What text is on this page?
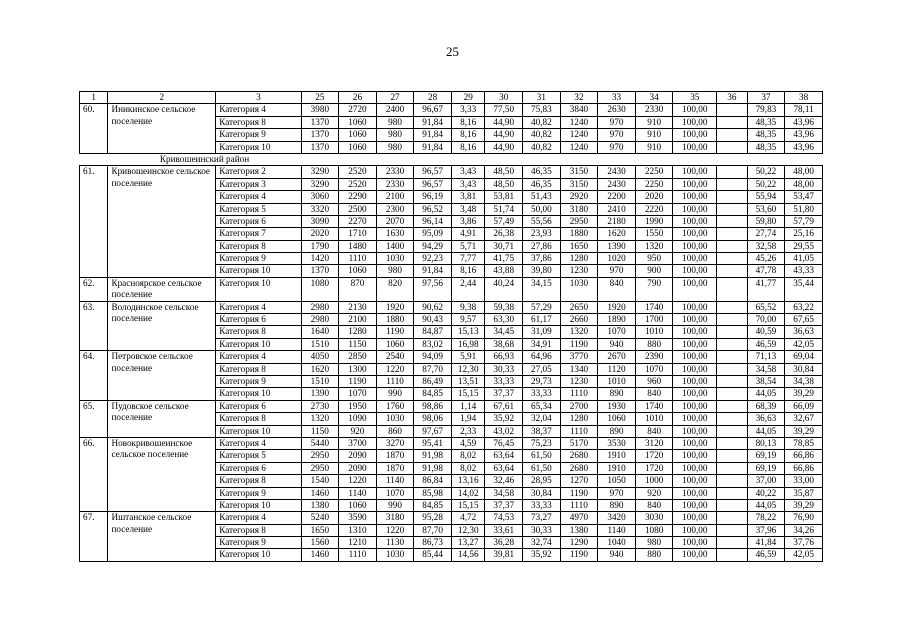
25
1	2	3	25	26	27	28	29	30	31	32	33	34	35	36	37	38
60.	Иникинское сельское поселение	Категория 4	3980	2720	2400	96,67	3,33	77,50	75,83	3840	2630	2330	100,00		79,83	78,11
		Категория 8	1370	1060	980	91,84	8,16	44,90	40,82	1240	970	910	100,00		48,35	43,96
		Категория 9	1370	1060	980	91,84	8,16	44,90	40,82	1240	970	910	100,00		48,35	43,96
		Категория 10	1370	1060	980	91,84	8,16	44,90	40,82	1240	970	910	100,00		48,35	43,96
	Кривошеинский район															
61.	Кривошеинское сельское поселение	Категория 2	3290	2520	2330	96,57	3,43	48,50	46,35	3150	2430	2250	100,00		50,22	48,00
		Категория 3	3290	2520	2330	96,57	3,43	48,50	46,35	3150	2430	2250	100,00		50,22	48,00
		Категория 4	3060	2290	2100	96,19	3,81	53,81	51,43	2920	2200	2020	100,00		55,94	53,47
		Категория 5	3320	2500	2300	96,52	3,48	51,74	50,00	3180	2410	2220	100,00		53,60	51,80
		Категория 6	3090	2270	2070	96,14	3,86	57,49	55,56	2950	2180	1990	100,00		59,80	57,79
		Категория 7	2020	1710	1630	95,09	4,91	26,38	23,93	1880	1620	1550	100,00		27,74	25,16
		Категория 8	1790	1480	1400	94,29	5,71	30,71	27,86	1650	1390	1320	100,00		32,58	29,55
		Категория 9	1420	1110	1030	92,23	7,77	41,75	37,86	1280	1020	950	100,00		45,26	41,05
		Категория 10	1370	1060	980	91,84	8,16	43,88	39,80	1230	970	900	100,00		47,78	43,33
62.	Красноярское сельское поселение	Категория 10	1080	870	820	97,56	2,44	40,24	34,15	1030	840	790	100,00		41,77	35,44
63.	Володинское сельское поселение	Категория 4	2980	2130	1920	90,62	9,38	59,38	57,29	2650	1920	1740	100,00		65,52	63,22
		Категория 6	2980	2100	1880	90,43	9,57	63,30	61,17	2660	1890	1700	100,00		70,00	67,65
		Категория 8	1640	1280	1190	84,87	15,13	34,45	31,09	1320	1070	1010	100,00		40,59	36,63
		Категория 10	1510	1150	1060	83,02	16,98	38,68	34,91	1190	940	880	100,00		46,59	42,05
64.	Петровское сельское поселение	Категория 4	4050	2850	2540	94,09	5,91	66,93	64,96	3770	2670	2390	100,00		71,13	69,04
		Категория 8	1620	1300	1220	87,70	12,30	30,33	27,05	1340	1120	1070	100,00		34,58	30,84
		Категория 9	1510	1190	1110	86,49	13,51	33,33	29,73	1230	1010	960	100,00		38,54	34,38
		Категория 10	1390	1070	990	84,85	15,15	37,37	33,33	1110	890	840	100,00		44,05	39,29
65.	Пудовское сельское поселение	Категория 6	2730	1950	1760	98,86	1,14	67,61	65,34	2700	1930	1740	100,00		68,39	66,09
		Категория 8	1320	1090	1030	98,06	1,94	35,92	32,04	1280	1060	1010	100,00		36,63	32,67
		Категория 10	1150	920	860	97,67	2,33	43,02	38,37	1110	890	840	100,00		44,05	39,29
66.	Новокривошеинское сельское поселение	Категория 4	5440	3700	3270	95,41	4,59	76,45	75,23	5170	3530	3120	100,00		80,13	78,85
		Категория 5	2950	2090	1870	91,98	8,02	63,64	61,50	2680	1910	1720	100,00		69,19	66,86
		Категория 6	2950	2090	1870	91,98	8,02	63,64	61,50	2680	1910	1720	100,00		69,19	66,86
		Категория 8	1540	1220	1140	86,84	13,16	32,46	28,95	1270	1050	1000	100,00		37,00	33,00
		Категория 9	1460	1140	1070	85,98	14,02	34,58	30,84	1190	970	920	100,00		40,22	35,87
		Категория 10	1380	1060	990	84,85	15,15	37,37	33,33	1110	890	840	100,00		44,05	39,29
67.	Иштанское сельское поселение	Категория 4	5240	3590	3180	95,28	4,72	74,53	73,27	4970	3420	3030	100,00		78,22	76,90
		Категория 8	1650	1310	1220	87,70	12,30	33,61	30,33	1380	1140	1080	100,00		37,96	34,26
		Категория 9	1560	1210	1130	86,73	13,27	36,28	32,74	1290	1040	980	100,00		41,84	37,76
		Категория 10	1460	1110	1030	85,44	14,56	39,81	35,92	1190	940	880	100,00		46,59	42,05
